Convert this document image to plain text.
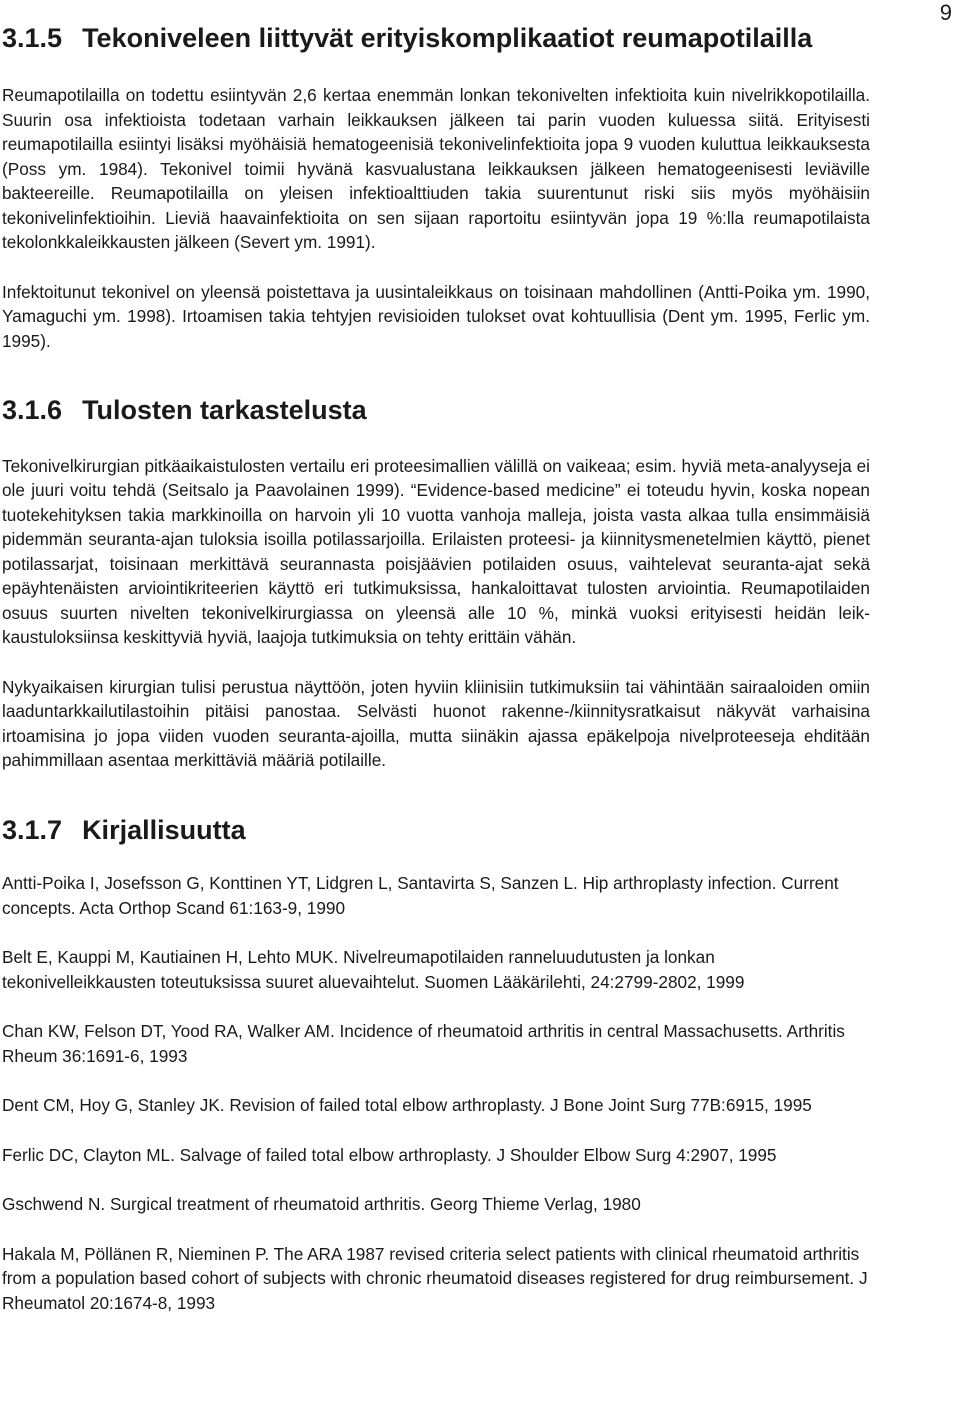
9
3.1.5 Tekoniveleen liittyvät erityiskomplikaatiot reumapotilailla

Reumapotilailla on todettu esiintyvän 2,6 kertaa enemmän lonkan tekonivelten infektioita kuin nivelrikkopotilailla. Suurin osa infektioista todetaan varhain leikkauksen jälkeen tai parin vuoden kuluessa siitä. Erityisesti reumapotilailla esiintyi lisäksi myöhäisiä hematogeenisiä tekonivelinfektioita jopa 9 vuoden kuluttua leikkauksesta (Poss ym. 1984). Tekonivel toimii hyvänä kasvualustana leikkauksen jälkeen hematogeenisesti leviäville bakteereille. Reumapotilailla on yleisen infektioalttiuden takia suurentunut riski siis myös myöhäisiin tekonivelinfektioihin. Lieviä haavainfektioita on sen sijaan raportoitu esiintyvän jopa 19 %:lla reumapotilaista tekolonkkaleikkausten jälkeen (Severt ym. 1991).

Infektoitunut tekonivel on yleensä poistettava ja uusintaleikkaus on toisinaan mahdollinen (Antti-Poika ym. 1990, Yamaguchi ym. 1998). Irtoamisen takia tehtyjen revisioiden tulokset ovat kohtuullisia (Dent ym. 1995, Ferlic ym. 1995).

3.1.6 Tulosten tarkastelusta

Tekonivelkirurgian pitkäaikaistulosten vertailu eri proteesimallien välillä on vaikeaa; esim. hyviä meta-analyyseja ei ole juuri voitu tehdä (Seitsalo ja Paavolainen 1999). “Evidence-based medicine” ei toteudu hyvin, koska nopean tuotekehityksen takia markkinoilla on harvoin yli 10 vuotta vanhoja malleja, joista vasta alkaa tulla ensimmäisiä pidemmän seuranta-ajan tuloksia isoilla potilassarjoilla. Erilaisten proteesi- ja kiinnitysmenetelmien käyttö, pienet potilassarjat, toisinaan merkittävä seurannasta poisjäävien potilaiden osuus, vaihtelevat seuranta-ajat sekä epäyhtenäisten arviointikriteerien käyttö eri tutkimuksissa, hankaloittavat tulosten arviointia. Reumapotilaiden osuus suurten nivelten tekonivelkirurgiassa on yleensä alle 10 %, minkä vuoksi erityisesti heidän leikkaustuloksiinsa keskittyviä hyviä, laajoja tutkimuksia on tehty erittäin vähän.

Nykyaikaisen kirurgian tulisi perustua näyttöön, joten hyviin kliinisiin tutkimuksiin tai vähintään sairaaloiden omiin laaduntarkkailutilastoihin pitäisi panostaa. Selvästi huonot rakenne-/kiinnitysratkaisut näkyvät varhaisina irtoamisina jo jopa viiden vuoden seuranta-ajoilla, mutta siinäkin ajassa epäkelpoja nivelproteeseja ehditään pahimmillaan asentaa merkittäviä määriä potilaille.

3.1.7 Kirjallisuutta

Antti-Poika I, Josefsson G, Konttinen YT, Lidgren L, Santavirta S, Sanzen L. Hip arthroplasty infection. Current concepts. Acta Orthop Scand 61:163-9, 1990

Belt E, Kauppi M, Kautiainen H, Lehto MUK. Nivelreumapotilaiden ranneluudutusten ja lonkan tekonivelleikkausten toteutuksissa suuret aluevaihtelut. Suomen Lääkärilehti, 24:2799-2802, 1999

Chan KW, Felson DT, Yood RA, Walker AM. Incidence of rheumatoid arthritis in central Massachusetts. Arthritis Rheum 36:1691-6, 1993

Dent CM, Hoy G, Stanley JK. Revision of failed total elbow arthroplasty. J Bone Joint Surg 77B:6915, 1995

Ferlic DC, Clayton ML. Salvage of failed total elbow arthroplasty. J Shoulder Elbow Surg 4:2907, 1995

Gschwend N. Surgical treatment of rheumatoid arthritis. Georg Thieme Verlag, 1980

Hakala M, Pöllänen R, Nieminen P. The ARA 1987 revised criteria select patients with clinical rheumatoid arthritis from a population based cohort of subjects with chronic rheumatoid diseases registered for drug reimbursement. J Rheumatol 20:1674-8, 1993
